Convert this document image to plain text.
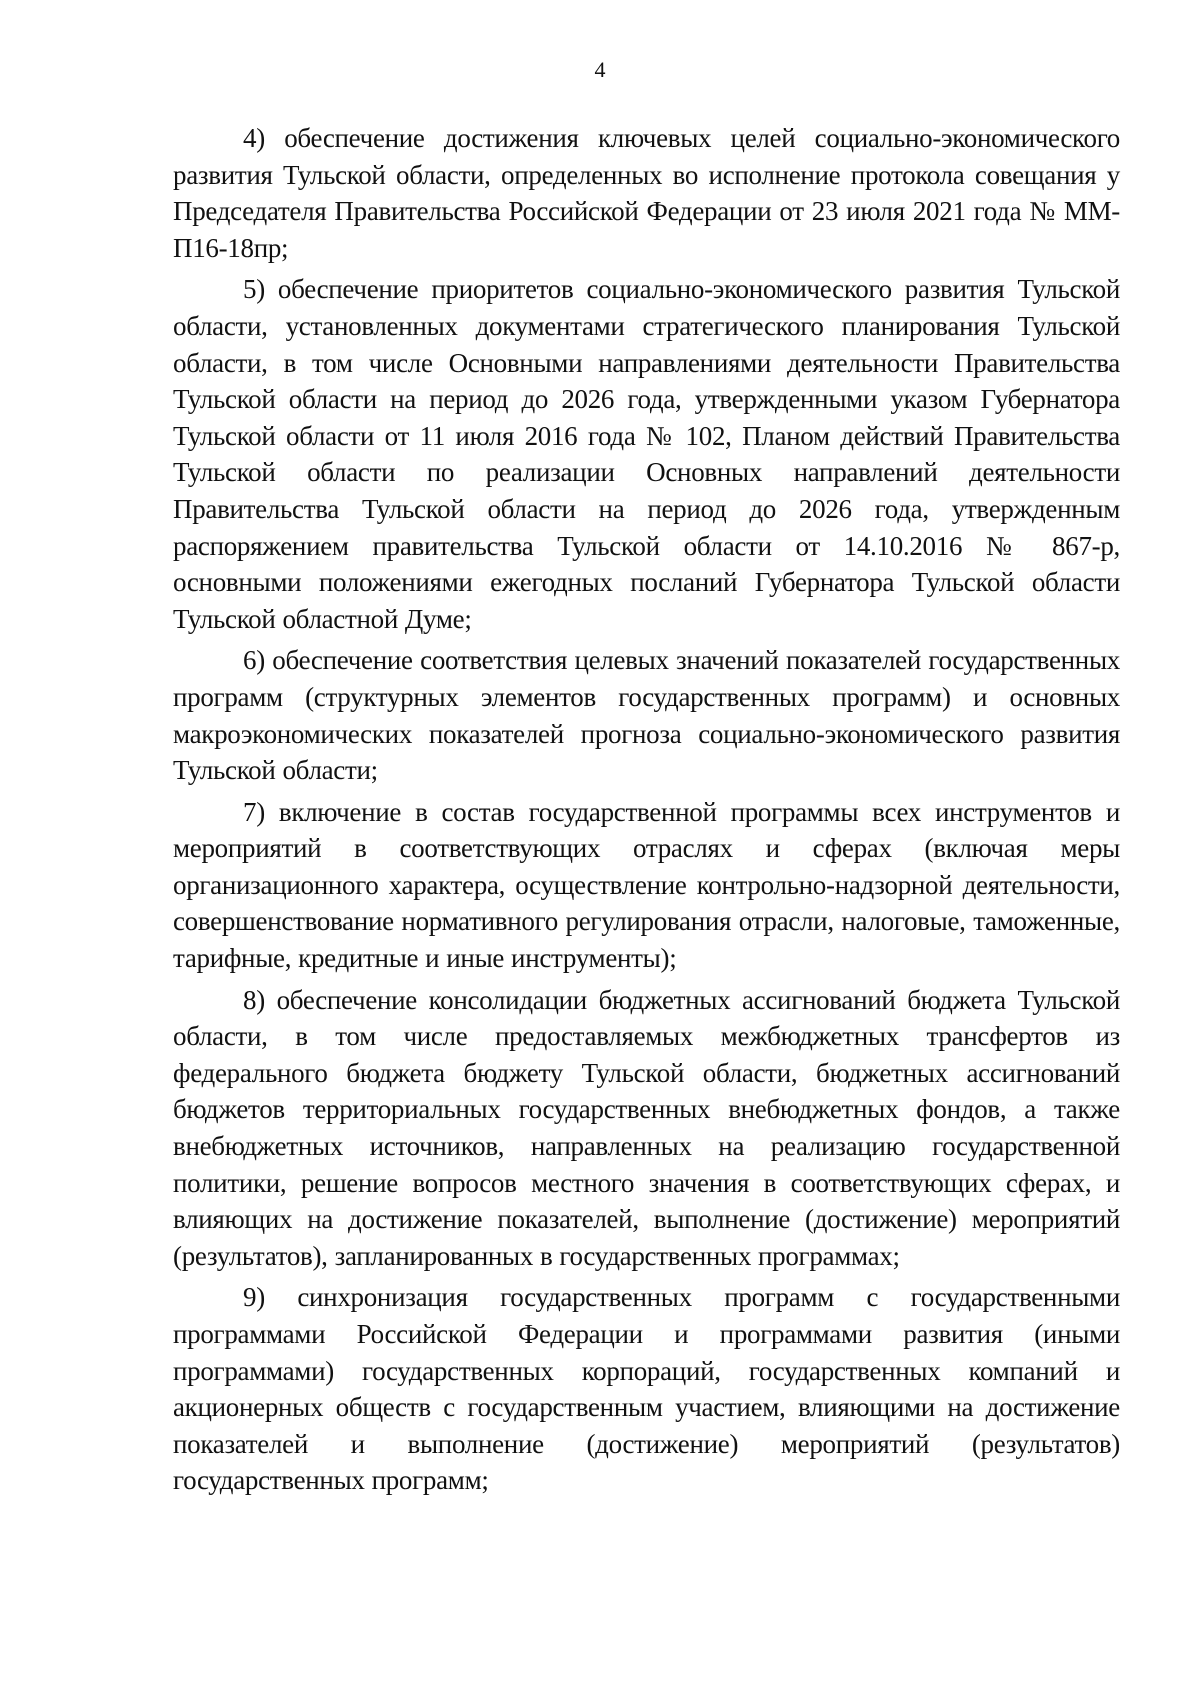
4

4) обеспечение достижения ключевых целей социально-экономического развития Тульской области, определенных во исполнение протокола совещания у Председателя Правительства Российской Федерации от 23 июля 2021 года № ММ-П16-18пр;

5) обеспечение приоритетов социально-экономического развития Тульской области, установленных документами стратегического планирования Тульской области, в том числе Основными направлениями деятельности Правительства Тульской области на период до 2026 года, утвержденными указом Губернатора Тульской области от 11 июля 2016 года № 102, Планом действий Правительства Тульской области по реализации Основных направлений деятельности Правительства Тульской области на период до 2026 года, утвержденным распоряжением правительства Тульской области от 14.10.2016 № 867-р, основными положениями ежегодных посланий Губернатора Тульской области Тульской областной Думе;

6) обеспечение соответствия целевых значений показателей государственных программ (структурных элементов государственных программ) и основных макроэкономических показателей прогноза социально-экономического развития Тульской области;

7) включение в состав государственной программы всех инструментов и мероприятий в соответствующих отраслях и сферах (включая меры организационного характера, осуществление контрольно-надзорной деятельности, совершенствование нормативного регулирования отрасли, налоговые, таможенные, тарифные, кредитные и иные инструменты);

8) обеспечение консолидации бюджетных ассигнований бюджета Тульской области, в том числе предоставляемых межбюджетных трансфертов из федерального бюджета бюджету Тульской области, бюджетных ассигнований бюджетов территориальных государственных внебюджетных фондов, а также внебюджетных источников, направленных на реализацию государственной политики, решение вопросов местного значения в соответствующих сферах, и влияющих на достижение показателей, выполнение (достижение) мероприятий (результатов), запланированных в государственных программах;

9) синхронизация государственных программ с государственными программами Российской Федерации и программами развития (иными программами) государственных корпораций, государственных компаний и акционерных обществ с государственным участием, влияющими на достижение показателей и выполнение (достижение) мероприятий (результатов) государственных программ;
